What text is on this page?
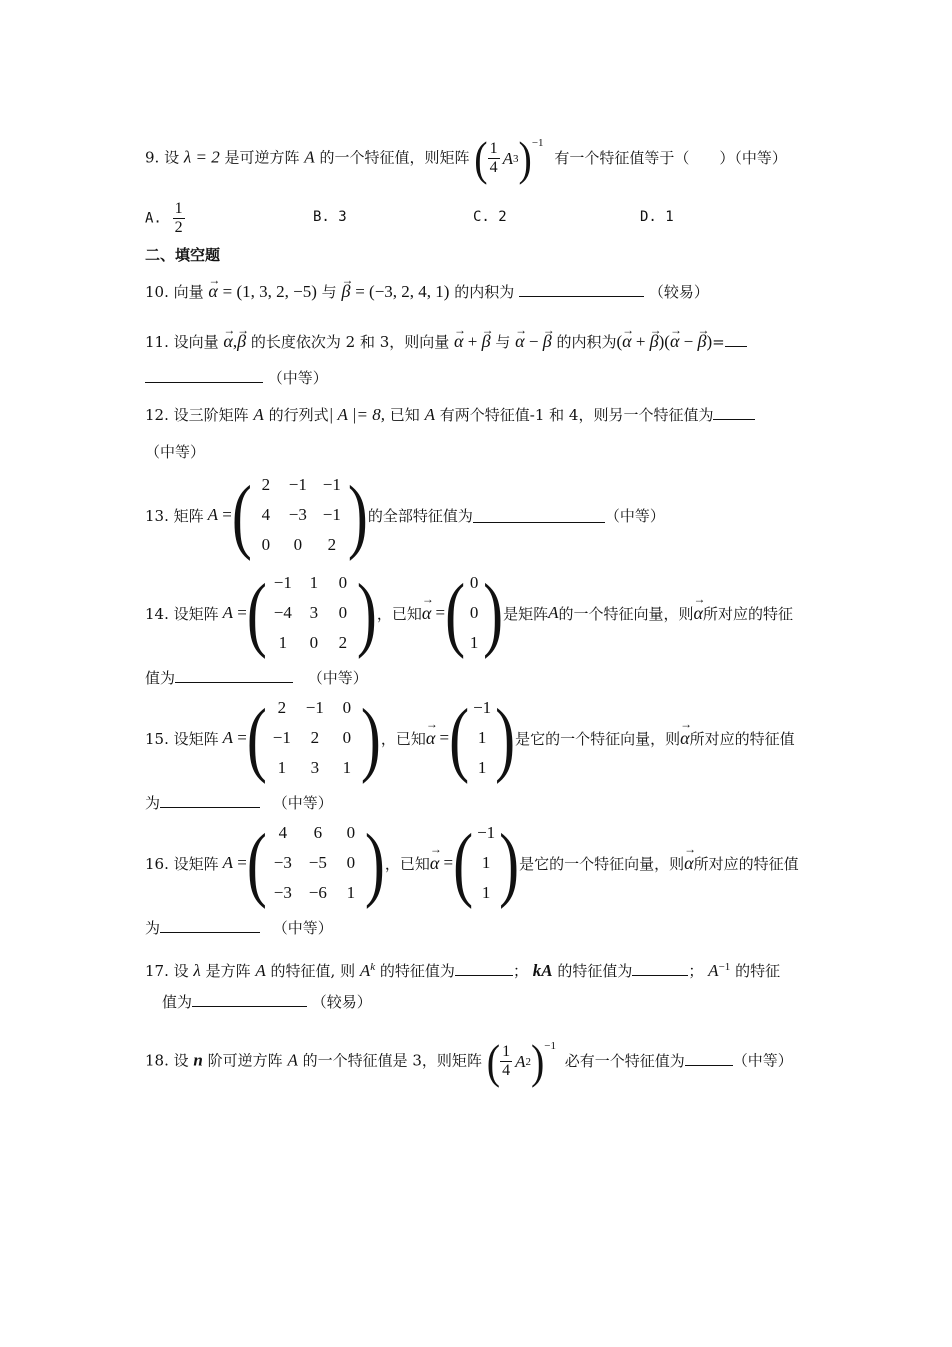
9. 设 λ = 2 是可逆方阵 A 的一个特征值，则矩阵 ( $\frac{1}{4}$ A 3 ) −1
有一个特征值等于（　　）（中等）
A. $\frac{1}{2}$	B. 3	C. 2	D. 1
二、填空题
10. 向量 → α = (1, 3, 2, −5) 与 → β = (−3, 2, 4, 1) 的内积为	（较易）
11. 设向量 → α,→ β 的长度依次为 2 和 3，则向量 → α + → β 与 → α − → β 的内积为(→ α + → β)(→ α − → β)=
（中等）
12. 设三阶矩阵 A 的行列式| A |= 8, 已知 A 有两个特征值-1 和 4，则另一个特征值为
（中等）
13. 矩阵 A = ( 2	−1 −1
4	−3 −1
0	0	2 ) 的全部特征值为	（中等）
14. 设矩阵 A = ( −1	1	0
−4	3	0
1	0	2 ) ，已知 → α = ( 0
0
1 ) 是矩阵 A 的一个特征向量，则 → α 所对应的特征
值为	（中等）
15. 设矩阵 A = ( 2	−1	0
−1	2	0
1	3	1 ) ，已知 → α = ( −1
1
1 ) 是它的一个特征向量，则 → α 所对应的特征值
为	（中等）
16. 设矩阵 A = ( 4	6	0
−3 −5	0
−3 −6	1 ) ，已知 → α = ( −1
1
1 ) 是它的一个特征向量，则 → α 所对应的特征值
为	（中等）
17. 设 λ 是方阵 A 的特征值, 则 $A^k$ 的特征值为	； kA 的特征值为	； $A^{-1}$ 的特征
值为	（较易）
18. 设 n 阶可逆方阵 A 的一个特征值是 3，则矩阵 ( $\frac{1}{4}$ A 2 ) −1
必有一个特征值为	（中等）
